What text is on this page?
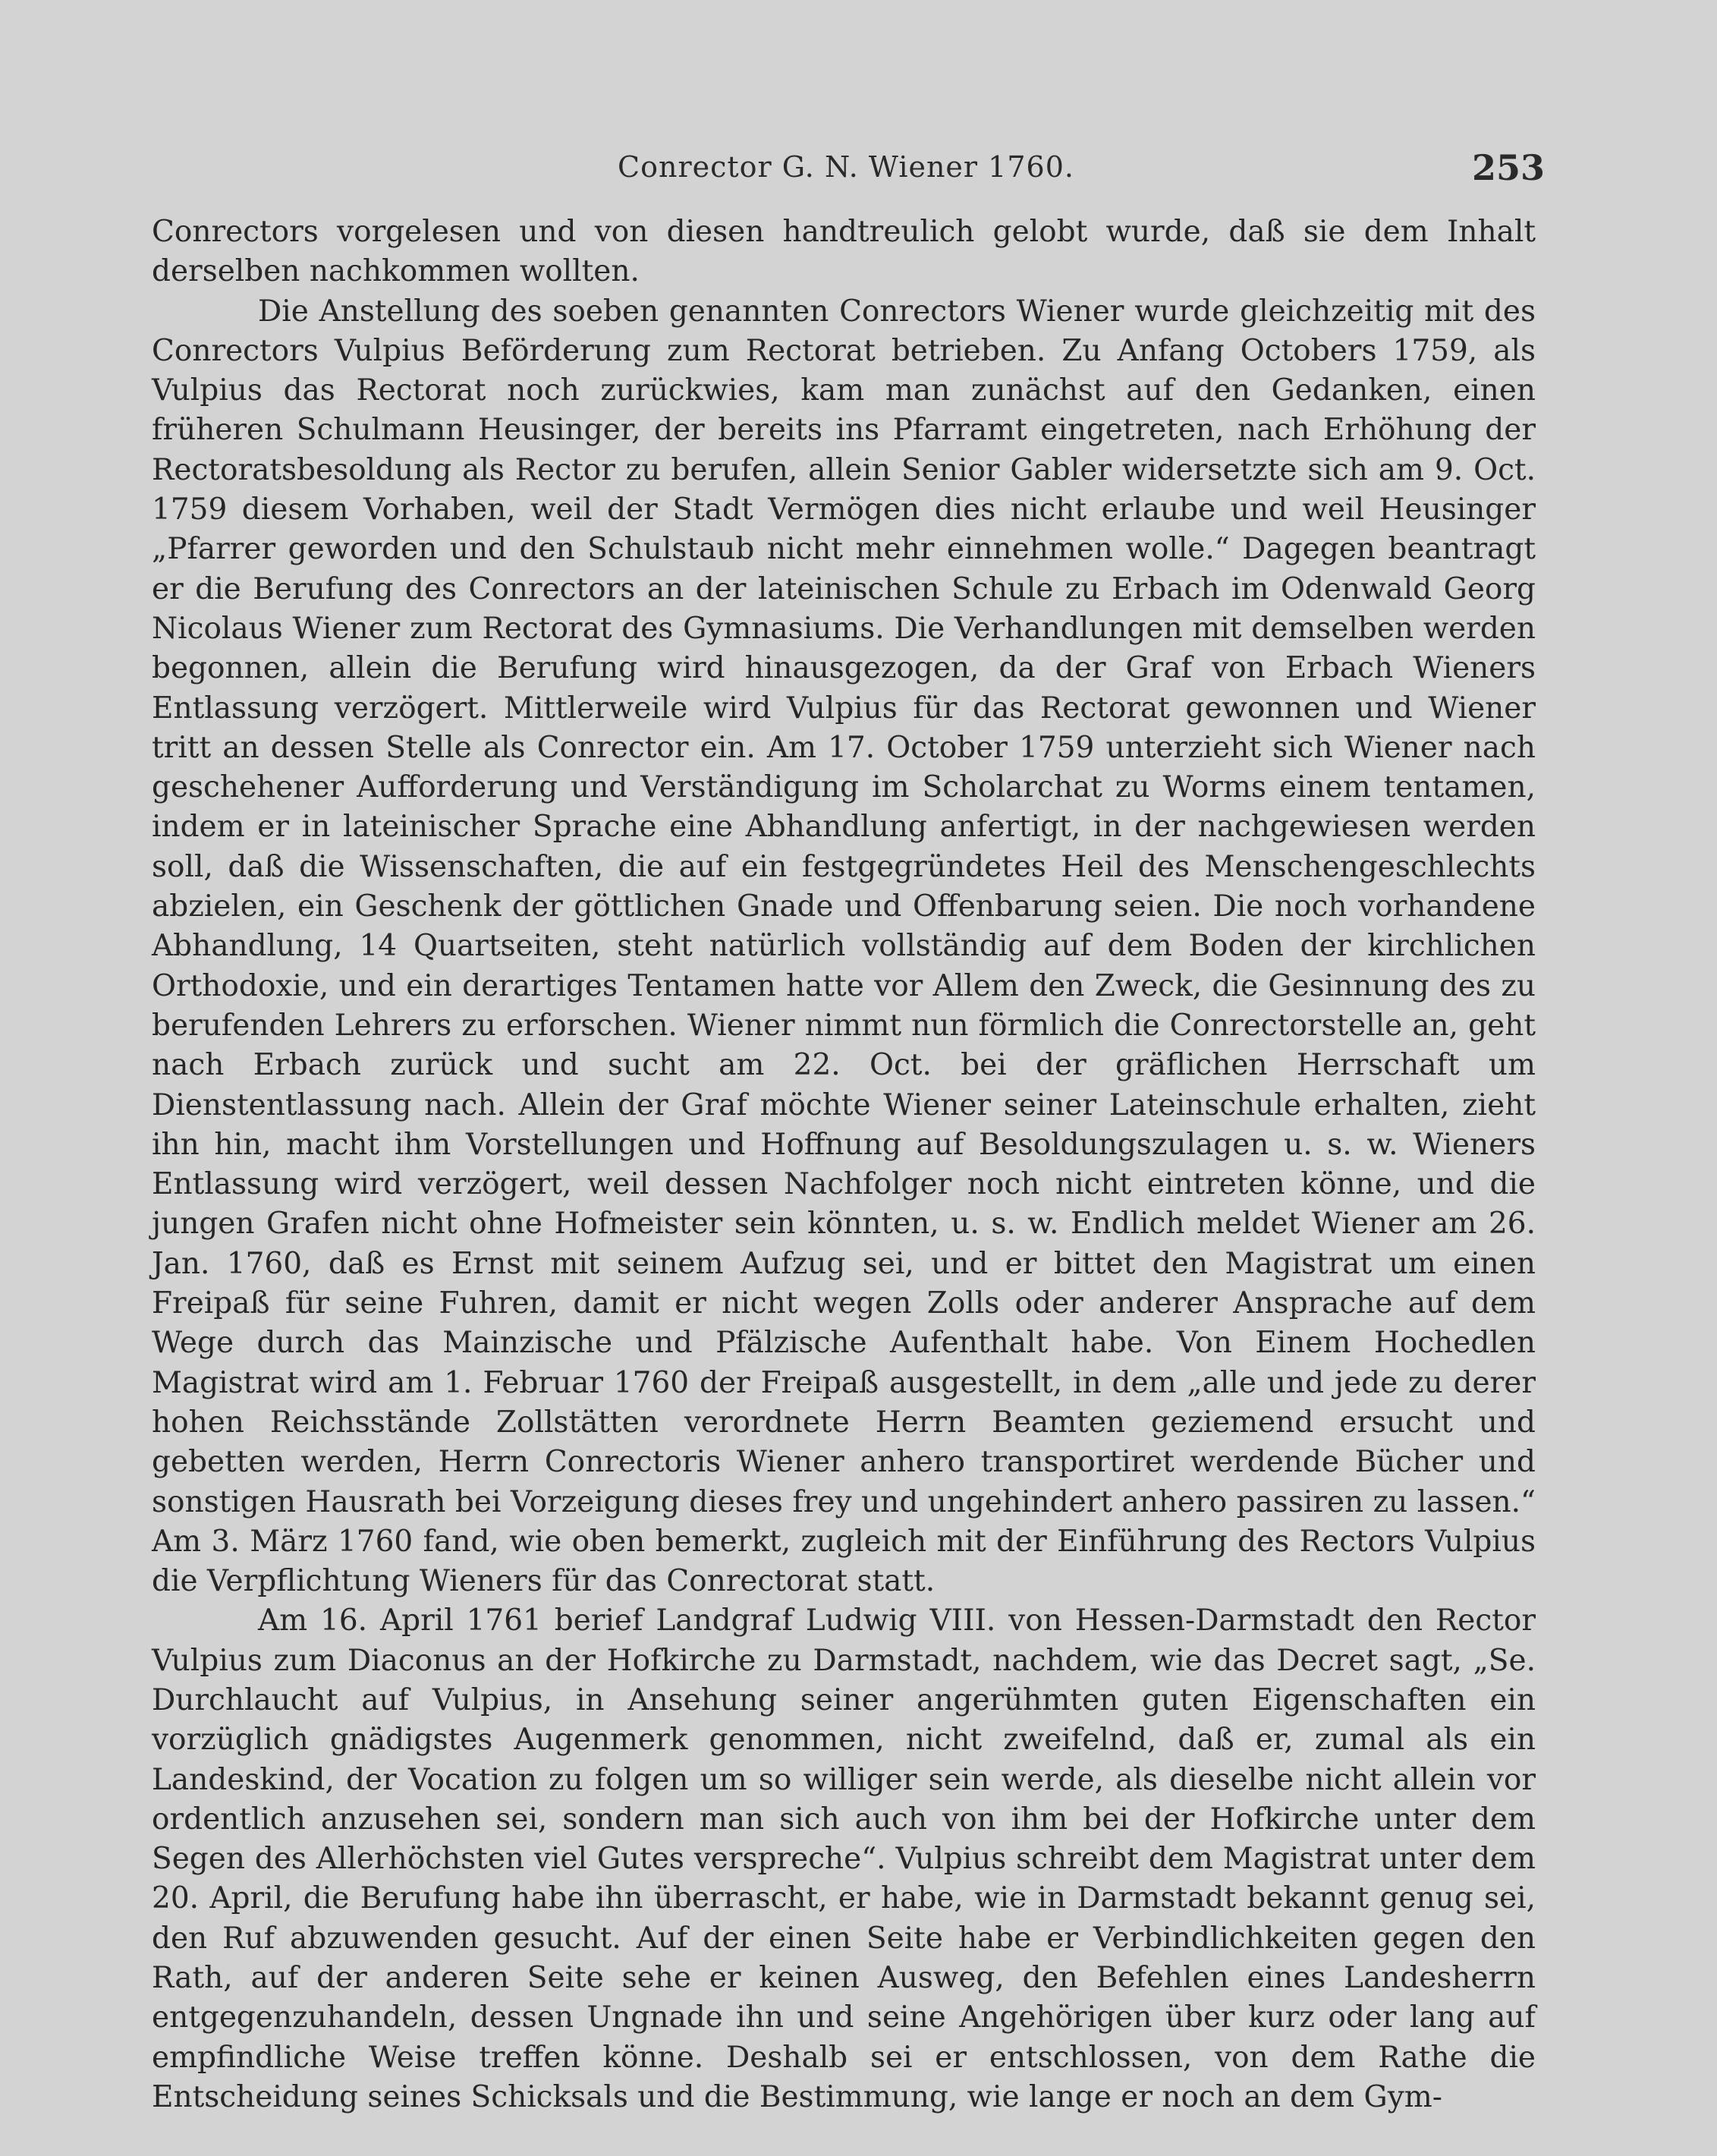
Conrector G. N. Wiener 1760.	253

Conrectors vorgelesen und von diesen handtreulich gelobt wurde, daß sie dem Inhalt derselben nachkommen wollten.

Die Anstellung des soeben genannten Conrectors Wiener wurde gleichzeitig mit des Conrectors Vulpius Beförderung zum Rectorat betrieben. Zu Anfang Octobers 1759, als Vulpius das Rectorat noch zurückwies, kam man zunächst auf den Gedanken, einen früheren Schulmann Heusinger, der bereits ins Pfarramt eingetreten, nach Erhöhung der Rectoratsbesoldung als Rector zu berufen, allein Senior Gabler widersetzte sich am 9. Oct. 1759 diesem Vorhaben, weil der Stadt Vermögen dies nicht erlaube und weil Heusinger „Pfarrer geworden und den Schulstaub nicht mehr einnehmen wolle.“ Dagegen beantragt er die Berufung des Conrectors an der lateinischen Schule zu Erbach im Odenwald Georg Nicolaus Wiener zum Rectorat des Gymnasiums. Die Verhandlungen mit demselben werden begonnen, allein die Berufung wird hinausgezogen, da der Graf von Erbach Wieners Entlassung verzögert. Mittlerweile wird Vulpius für das Rectorat gewonnen und Wiener tritt an dessen Stelle als Conrector ein. Am 17. October 1759 unterzieht sich Wiener nach geschehener Aufforderung und Verständigung im Scholarchat zu Worms einem tentamen, indem er in lateinischer Sprache eine Abhandlung anfertigt, in der nachgewiesen werden soll, daß die Wissenschaften, die auf ein festgegründetes Heil des Menschengeschlechts abzielen, ein Geschenk der göttlichen Gnade und Offenbarung seien. Die noch vorhandene Abhandlung, 14 Quartseiten, steht natürlich vollständig auf dem Boden der kirchlichen Orthodoxie, und ein derartiges Tentamen hatte vor Allem den Zweck, die Gesinnung des zu berufenden Lehrers zu erforschen. Wiener nimmt nun förmlich die Conrectorstelle an, geht nach Erbach zurück und sucht am 22. Oct. bei der gräflichen Herrschaft um Dienstentlassung nach. Allein der Graf möchte Wiener seiner Lateinschule erhalten, zieht ihn hin, macht ihm Vorstellungen und Hoffnung auf Besoldungszulagen u. s. w. Wieners Entlassung wird verzögert, weil dessen Nachfolger noch nicht eintreten könne, und die jungen Grafen nicht ohne Hofmeister sein könnten, u. s. w. Endlich meldet Wiener am 26. Jan. 1760, daß es Ernst mit seinem Aufzug sei, und er bittet den Magistrat um einen Freipaß für seine Fuhren, damit er nicht wegen Zolls oder anderer Ansprache auf dem Wege durch das Mainzische und Pfälzische Aufenthalt habe. Von Einem Hochedlen Magistrat wird am 1. Februar 1760 der Freipaß ausgestellt, in dem „alle und jede zu derer hohen Reichsstände Zollstätten verordnete Herrn Beamten geziemend ersucht und gebetten werden, Herrn Conrectoris Wiener anhero transportiret werdende Bücher und sonstigen Hausrath bei Vorzeigung dieses frey und ungehindert anhero passiren zu lassen.“ Am 3. März 1760 fand, wie oben bemerkt, zugleich mit der Einführung des Rectors Vulpius die Verpflichtung Wieners für das Conrectorat statt.

Am 16. April 1761 berief Landgraf Ludwig VIII. von Hessen-Darmstadt den Rector Vulpius zum Diaconus an der Hofkirche zu Darmstadt, nachdem, wie das Decret sagt, „Se. Durchlaucht auf Vulpius, in Ansehung seiner angerühmten guten Eigenschaften ein vorzüglich gnädigstes Augenmerk genommen, nicht zweifelnd, daß er, zumal als ein Landeskind, der Vocation zu folgen um so williger sein werde, als dieselbe nicht allein vor ordentlich anzusehen sei, sondern man sich auch von ihm bei der Hofkirche unter dem Segen des Allerhöchsten viel Gutes verspreche“. Vulpius schreibt dem Magistrat unter dem 20. April, die Berufung habe ihn überrascht, er habe, wie in Darmstadt bekannt genug sei, den Ruf abzuwenden gesucht. Auf der einen Seite habe er Verbindlichkeiten gegen den Rath, auf der anderen Seite sehe er keinen Ausweg, den Befehlen eines Landesherrn entgegenzuhandeln, dessen Ungnade ihn und seine Angehörigen über kurz oder lang auf empfindliche Weise treffen könne. Deshalb sei er entschlossen, von dem Rathe die Entscheidung seines Schicksals und die Bestimmung, wie lange er noch an dem Gym-
